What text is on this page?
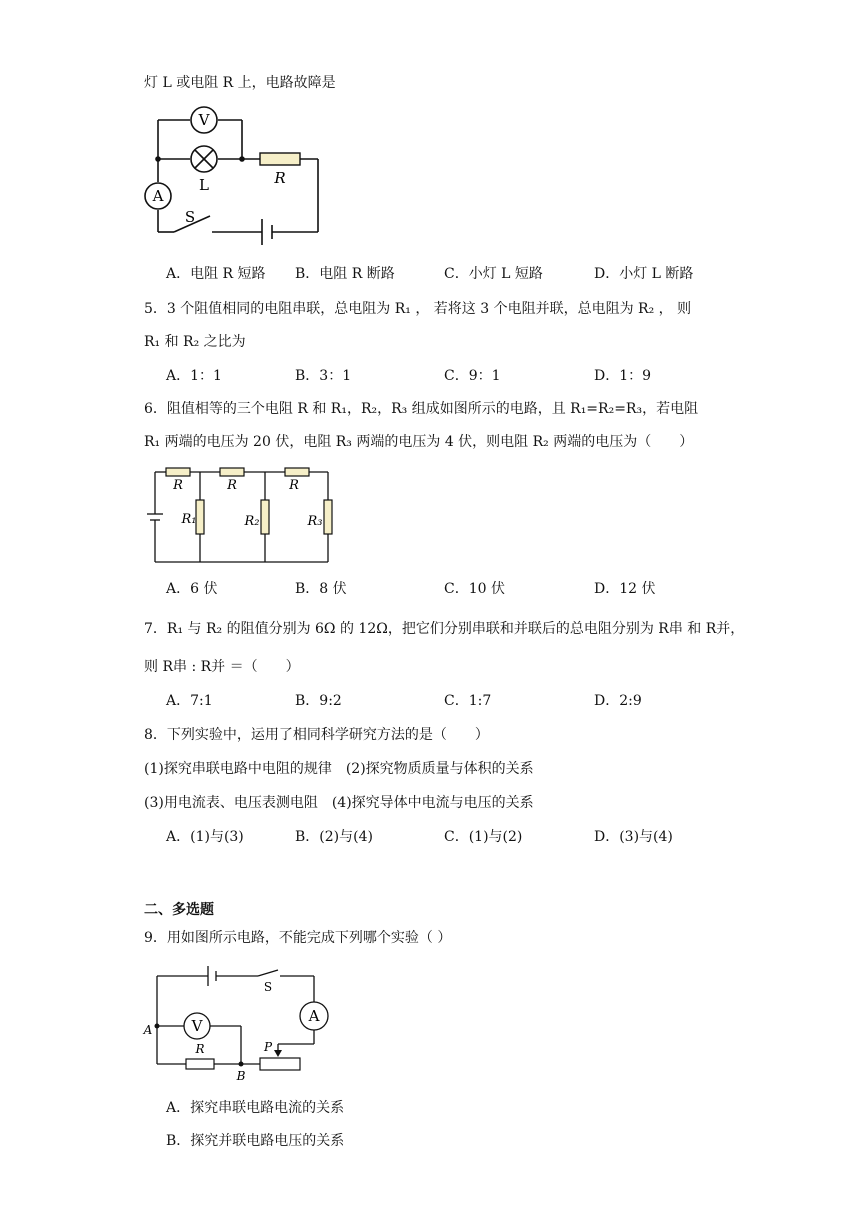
灯 L 或电阻 R 上，电路故障是
V
L	R
A
S
A．电阻 R 短路 B．电阻 R 断路	C．小灯 L 短路	D．小灯 L 断路
5．3 个阻值相同的电阻串联，总电阻为 R₁ ， 若将这 3 个电阻并联，总电阻为 R₂ ， 则
R₁ 和 R₂ 之比为
A．1：1	B．3：1	C．9：1	D．1：9
6．阻值相等的三个电阻 R 和 R₁，R₂，R₃ 组成如图所示的电路，且 R₁=R₂=R₃，若电阻
R₁ 两端的电压为 20 伏，电阻 R₃ 两端的电压为 4 伏，则电阻 R₂ 两端的电压为（　　）
R	R	R
R₁	R₂	R₃
A．6 伏	B．8 伏	C．10 伏	D．12 伏
7．R₁ 与 R₂ 的阻值分别为 6Ω 的 12Ω，把它们分别串联和并联后的总电阻分别为 R串 和 R并，
则 R串 : R并 ＝（　　）
A．7:1	B．9:2	C．1:7	D．2:9
8．下列实验中，运用了相同科学研究方法的是（　　）
(1)探究串联电路中电阻的规律　(2)探究物质质量与体积的关系
(3)用电流表、电压表测电阻　(4)探究导体中电流与电压的关系
A．(1)与(3)	B．(2)与(4)	C．(1)与(2)	D．(3)与(4)
二、多选题
9．用如图所示电路，不能完成下列哪个实验（ ）
V
A
S
R	P
A
B
A．探究串联电路电流的关系
B．探究并联电路电压的关系
